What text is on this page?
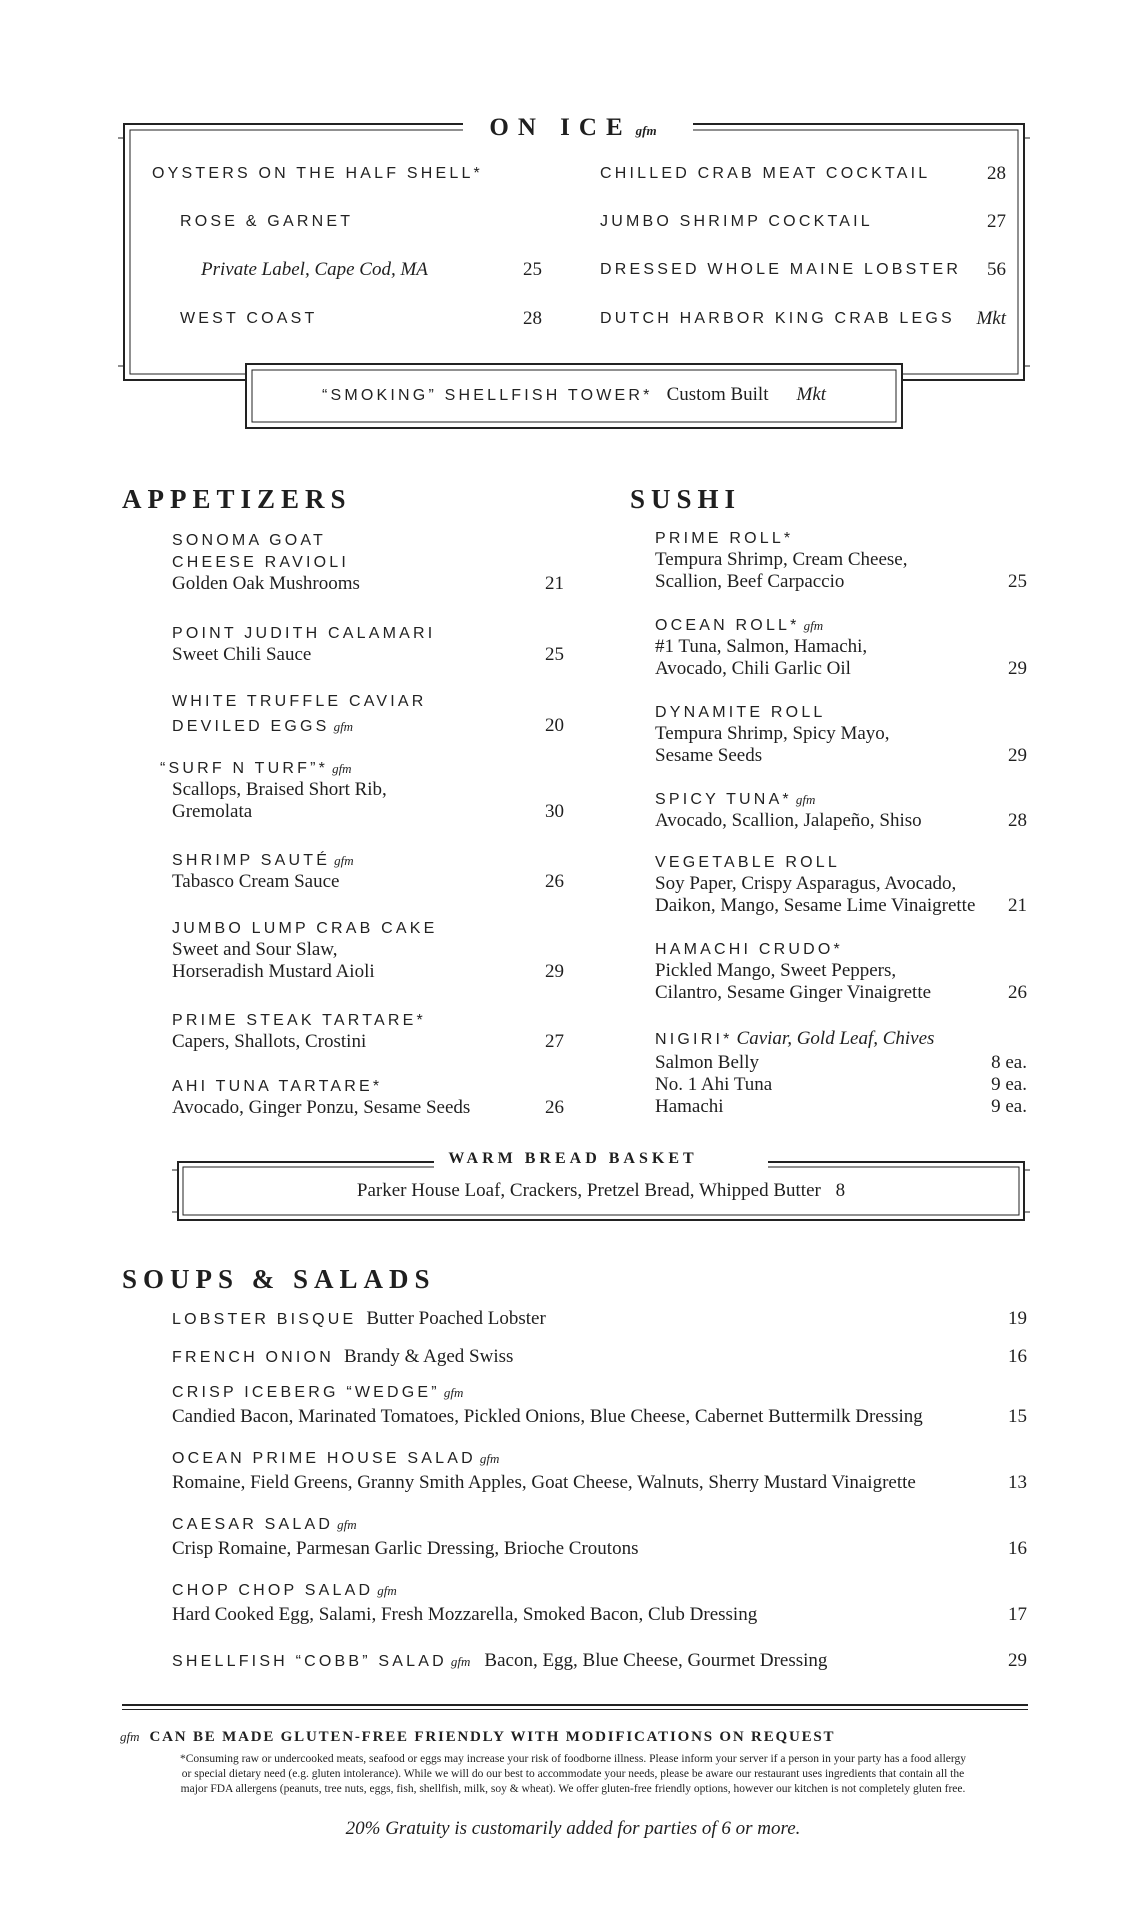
ON ICE gfm
OYSTERS ON THE HALF SHELL*
ROSE & GARNET
Private Label, Cape Cod, MA	25
WEST COAST	28
CHILLED CRAB MEAT COCKTAIL	28
JUMBO SHRIMP COCKTAIL	27
DRESSED WHOLE MAINE LOBSTER	56
DUTCH HARBOR KING CRAB LEGS	Mkt
“SMOKING” SHELLFISH TOWER* Custom Built Mkt
APPETIZERS
SONOMA GOAT
CHEESE RAVIOLI
Golden Oak Mushrooms	21
POINT JUDITH CALAMARI
Sweet Chili Sauce	25
WHITE TRUFFLE CAVIAR
DEVILED EGGS gfm	20
“SURF N TURF”* gfm
Scallops, Braised Short Rib,
Gremolata	30
SHRIMP SAUTÉ gfm
Tabasco Cream Sauce	26
JUMBO LUMP CRAB CAKE
Sweet and Sour Slaw,
Horseradish Mustard Aioli	29
PRIME STEAK TARTARE*
Capers, Shallots, Crostini	27
AHI TUNA TARTARE*
Avocado, Ginger Ponzu, Sesame Seeds	26
SUSHI
PRIME ROLL*
Tempura Shrimp, Cream Cheese,
Scallion, Beef Carpaccio	25
OCEAN ROLL* gfm
#1 Tuna, Salmon, Hamachi,
Avocado, Chili Garlic Oil	29
DYNAMITE ROLL
Tempura Shrimp, Spicy Mayo,
Sesame Seeds	29
SPICY TUNA* gfm
Avocado, Scallion, Jalapeño, Shiso	28
VEGETABLE ROLL
Soy Paper, Crispy Asparagus, Avocado,
Daikon, Mango, Sesame Lime Vinaigrette 21
HAMACHI CRUDO*
Pickled Mango, Sweet Peppers,
Cilantro, Sesame Ginger Vinaigrette	26
NIGIRI* Caviar, Gold Leaf, Chives
Salmon Belly	8 ea.
No. 1 Ahi Tuna	9 ea.
Hamachi	9 ea.
WARM BREAD BASKET
Parker House Loaf, Crackers, Pretzel Bread, Whipped Butter 8
SOUPS & SALADS
LOBSTER BISQUE Butter Poached Lobster	19
FRENCH ONION Brandy & Aged Swiss	16
CRISP ICEBERG “WEDGE” gfm
Candied Bacon, Marinated Tomatoes, Pickled Onions, Blue Cheese, Cabernet Buttermilk Dressing	15
OCEAN PRIME HOUSE SALAD gfm
Romaine, Field Greens, Granny Smith Apples, Goat Cheese, Walnuts, Sherry Mustard Vinaigrette	13
CAESAR SALAD gfm
Crisp Romaine, Parmesan Garlic Dressing, Brioche Croutons	16
CHOP CHOP SALAD gfm
Hard Cooked Egg, Salami, Fresh Mozzarella, Smoked Bacon, Club Dressing	17
SHELLFISH “COBB” SALAD gfm Bacon, Egg, Blue Cheese, Gourmet Dressing	29
gfm CAN BE MADE GLUTEN-FREE FRIENDLY WITH MODIFICATIONS ON REQUEST
*Consuming raw or undercooked meats, seafood or eggs may increase your risk of foodborne illness. Please inform your server if a person in your party has a food allergy
or special dietary need (e.g. gluten intolerance). While we will do our best to accommodate your needs, please be aware our restaurant uses ingredients that contain all the
major FDA allergens (peanuts, tree nuts, eggs, fish, shellfish, milk, soy & wheat). We offer gluten-free friendly options, however our kitchen is not completely gluten free.
20% Gratuity is customarily added for parties of 6 or more.
